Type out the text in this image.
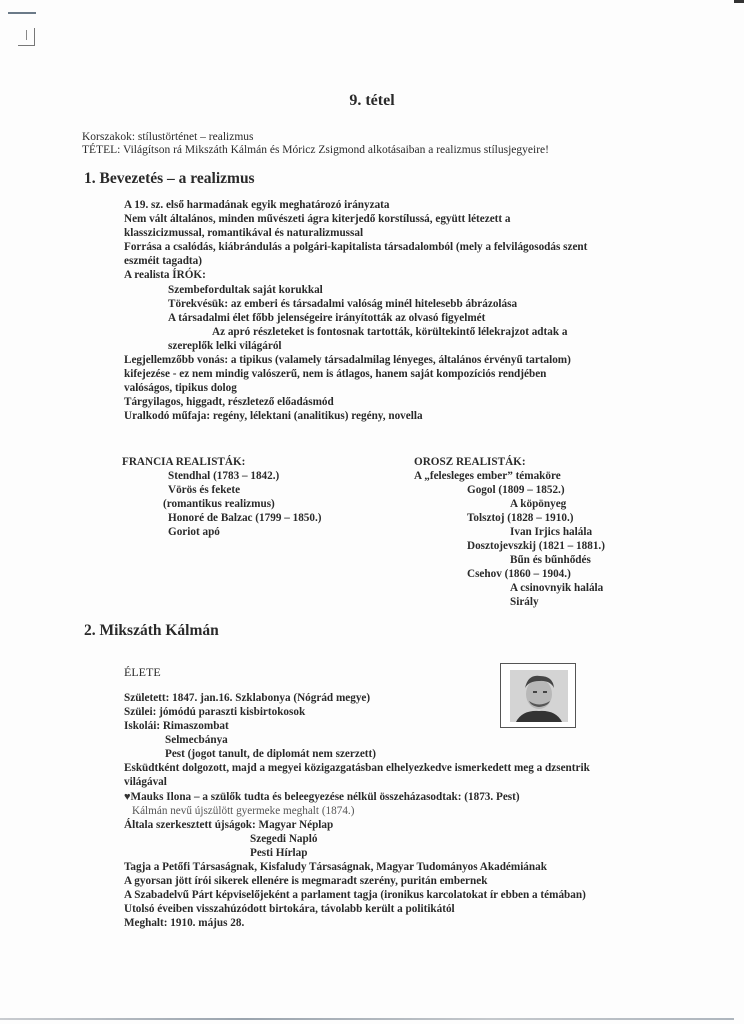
9. tétel
Korszakok: stílustörténet – realizmus
TÉTEL: Világítson rá Mikszáth Kálmán és Móricz Zsigmond alkotásaiban a realizmus stílusjegyeire!
1. Bevezetés – a realizmus
A 19. sz. első harmadának egyik meghatározó irányzata
Nem vált általános, minden művészeti ágra kiterjedő korstílussá, együtt létezett a
klasszicizmussal, romantikával és naturalizmussal
Forrása a csalódás, kiábrándulás a polgári-kapitalista társadalomból (mely a felvilágosodás szent
eszméit tagadta)
A realista ÍRÓK:
Szembefordultak saját korukkal
Törekvésük: az emberi és társadalmi valóság minél hitelesebb ábrázolása
A társadalmi élet főbb jelenségeire irányították az olvasó figyelmét
Az apró részleteket is fontosnak tartották, körültekintő lélekrajzot adtak a
szereplők lelki világáról
Legjellemzőbb vonás: a tipikus (valamely társadalmilag lényeges, általános érvényű tartalom)
kifejezése - ez nem mindig valószerű, nem is átlagos, hanem saját kompozíciós rendjében
valóságos, tipikus dolog
Tárgyilagos, higgadt, részletező előadásmód
Uralkodó műfaja: regény, lélektani (analitikus) regény, novella
FRANCIA REALISTÁK:
Stendhal (1783 – 1842.)
Vörös és fekete
(romantikus realizmus)
Honoré de Balzac (1799 – 1850.)
Goriot apó
OROSZ REALISTÁK:
A „felesleges ember” témaköre
Gogol (1809 – 1852.)
A köpönyeg
Tolsztoj (1828 – 1910.)
Ivan Irjics halála
Dosztojevszkij (1821 – 1881.)
Bűn és bűnhődés
Csehov (1860 – 1904.)
A csinovnyik halála
Sirály
2. Mikszáth Kálmán
ÉLETE
Született: 1847. jan.16. Szklabonya (Nógrád megye)
Szülei: jómódú paraszti kisbirtokosok
Iskolái: Rimaszombat
Selmecbánya
Pest (jogot tanult, de diplomát nem szerzett)
Esküdtként dolgozott, majd a megyei közigazgatásban elhelyezkedve ismerkedett meg a dzsentrik
világával
♥Mauks Ilona – a szülők tudta és beleegyezése nélkül összeházasodtak: (1873. Pest)
Kálmán nevű újszülött gyermeke meghalt (1874.)
Általa szerkesztett újságok: Magyar Néplap
Szegedi Napló
Pesti Hírlap
Tagja a Petőfi Társaságnak, Kisfaludy Társaságnak, Magyar Tudományos Akadémiának
A gyorsan jött írói sikerek ellenére is megmaradt szerény, puritán embernek
A Szabadelvű Párt képviselőjeként a parlament tagja (ironikus karcolatokat ír ebben a témában)
Utolsó éveiben visszahúzódott birtokára, távolabb került a politikától
Meghalt: 1910. május 28.
